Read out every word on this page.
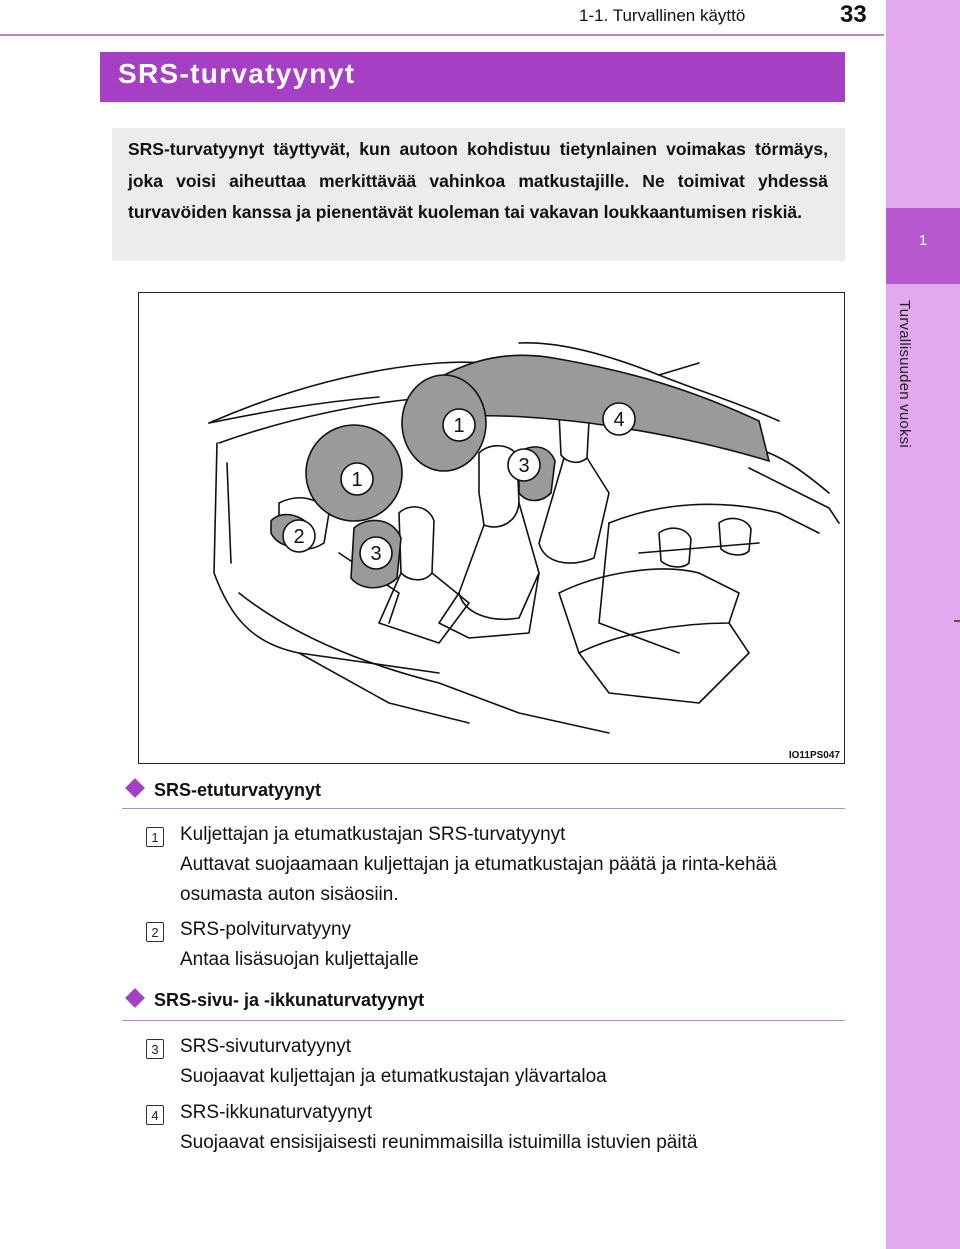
1-1. Turvallinen käyttö	33
1
Turvallisuuden vuoksi
SRS-turvatyynyt
SRS-turvatyynyt täyttyvät, kun autoon kohdistuu tietynlainen voimakas törmäys, joka voisi aiheuttaa merkittävää vahinkoa matkustajille. Ne toimivat yhdessä turvavöiden kanssa ja pienentävät kuoleman tai vakavan loukkaantumisen riskiä.
1
1
2
3
3
4
IO11PS047
SRS-etuturvatyynyt
1 Kuljettajan ja etumatkustajan SRS-turvatyynyt
Auttavat suojaamaan kuljettajan ja etumatkustajan päätä ja rinta-kehää osumasta auton sisäosiin.
2 SRS-polviturvatyyny
Antaa lisäsuojan kuljettajalle
SRS-sivu- ja -ikkunaturvatyynyt
3 SRS-sivuturvatyynyt
Suojaavat kuljettajan ja etumatkustajan ylävartaloa
4 SRS-ikkunaturvatyynyt
Suojaavat ensisijaisesti reunimmaisilla istuimilla istuvien päitä
